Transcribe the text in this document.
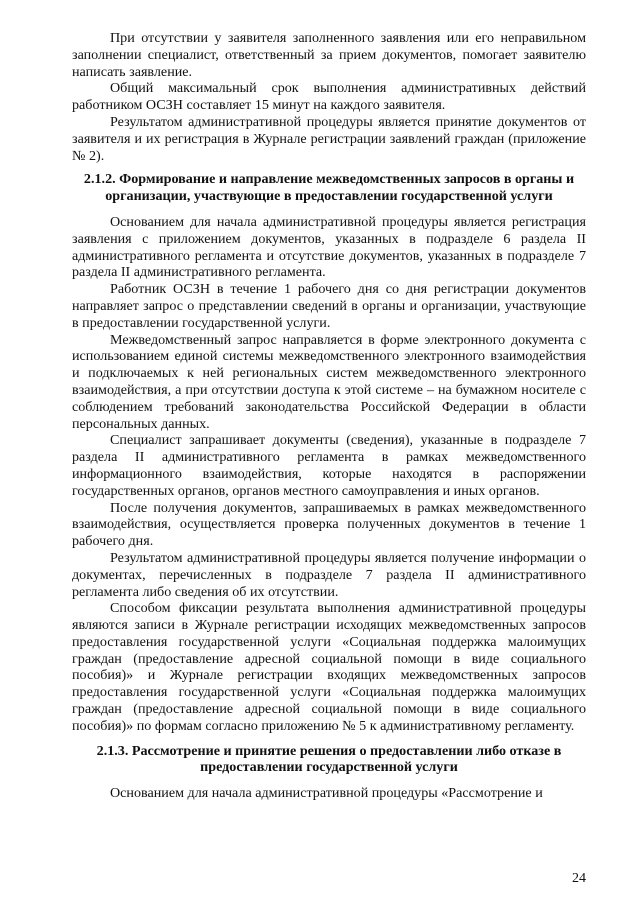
При отсутствии у заявителя заполненного заявления или его неправильном заполнении специалист, ответственный за прием документов, помогает заявителю написать заявление.

Общий максимальный срок выполнения административных действий работником ОСЗН составляет 15 минут на каждого заявителя.

Результатом административной процедуры является принятие документов от заявителя и их регистрация в Журнале регистрации заявлений граждан (приложение № 2).

2.1.2. Формирование и направление межведомственных запросов в органы и организации, участвующие в предоставлении государственной услуги

Основанием для начала административной процедуры является регистрация заявления с приложением документов, указанных в подразделе 6 раздела II административного регламента и отсутствие документов, указанных в подразделе 7 раздела II административного регламента.

Работник ОСЗН в течение 1 рабочего дня со дня регистрации документов направляет запрос о представлении сведений в органы и организации, участвующие в предоставлении государственной услуги.

Межведомственный запрос направляется в форме электронного документа с использованием единой системы межведомственного электронного взаимодействия и подключаемых к ней региональных систем межведомственного электронного взаимодействия, а при отсутствии доступа к этой системе – на бумажном носителе с соблюдением требований законодательства Российской Федерации в области персональных данных.

Специалист запрашивает документы (сведения), указанные в подразделе 7 раздела II административного регламента в рамках межведомственного информационного взаимодействия, которые находятся в распоряжении государственных органов, органов местного самоуправления и иных органов.

После получения документов, запрашиваемых в рамках межведомственного взаимодействия, осуществляется проверка полученных документов в течение 1 рабочего дня.

Результатом административной процедуры является получение информации о документах, перечисленных в подразделе 7 раздела II административного регламента либо сведения об их отсутствии.

Способом фиксации результата выполнения административной процедуры являются записи в Журнале регистрации исходящих межведомственных запросов предоставления государственной услуги «Социальная поддержка малоимущих граждан (предоставление адресной социальной помощи в виде социального пособия)» и Журнале регистрации входящих межведомственных запросов предоставления государственной услуги «Социальная поддержка малоимущих граждан (предоставление адресной социальной помощи в виде социального пособия)» по формам согласно приложению № 5 к административному регламенту.

2.1.3. Рассмотрение и принятие решения о предоставлении либо отказе в предоставлении государственной услуги

Основанием для начала административной процедуры «Рассмотрение и

24
